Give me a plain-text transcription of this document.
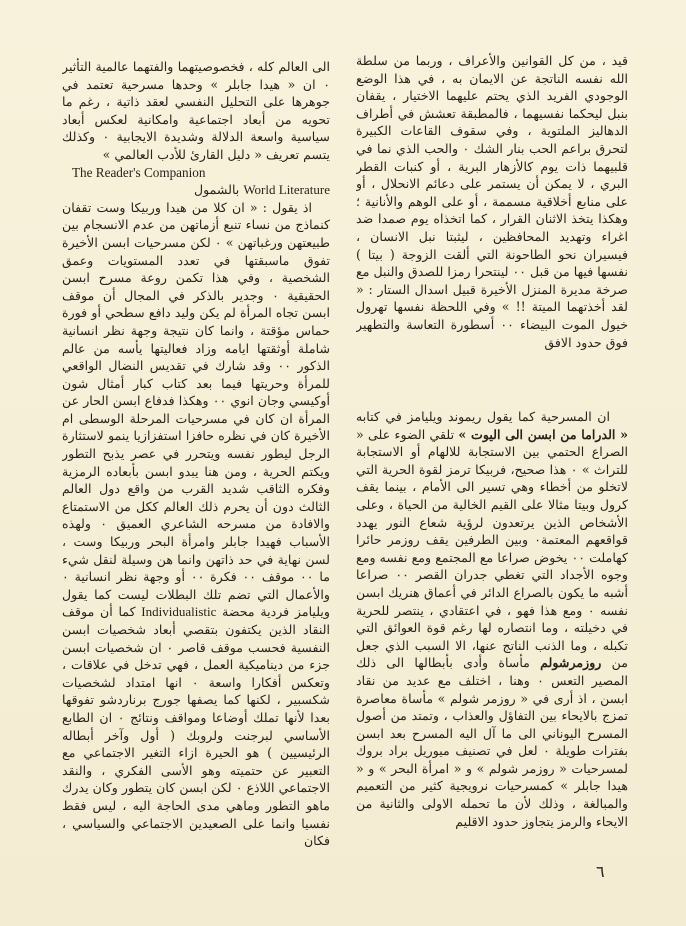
قيد ، من كل القوانين والأعراف ، وربما من سلطة الله نفسه الناتجة عن الايمان به ، في هذا الوضع الوجودي الفريد الذي يحتم عليهما الاختيار ، يقفان بنبل ليحكما نفسيهما ، فالمطبقة تعشش في أطراف الدهاليز الملتوية ، وفي سقوف القاعات الكبيرة لتحرق براعم الحب بنار الشك ٠ والحب الذي نما في قلبيهما ذات يوم كالأزهار البرية ، أو كنبات القطر البري ، لا يمكن أن يستمر على دعائم الانحلال ، أو على منابع أخلاقية مسممة ، أو على الوهم والأنانية ؛ وهكذا يتخذ الاثنان القرار ، كما اتخذاه يوم صمدا ضد اغراء وتهديد المحافظين ، ليثبتا نبل الانسان ، فيسيران نحو الطاحونة التي ألقت الزوجة ( بيتا ) نفسها فيها من قبل ٠٠ لينتحرا رمزا للصدق والنبل مع صرخة مديرة المنزل الأخيرة قبيل اسدال الستار : « لقد أخذتهما الميتة !! » وفي اللحظة نفسها تهرول خيول الموت البيضاء ٠٠ أسطورة التعاسة والتطهير فوق حدود الافق

ان المسرحية كما يقول ريموند ويليامز في كتابه « الدراما من ابسن الى اليوت » تلقي الضوء على « الصراع الحتمي بين الاستجابة للالهام أو الاستجابة للتراث » ٠ هذا صحيح، فربيكا ترمز لقوة الحرية التي لاتخلو من أخطاء وهي تسير الى الأمام ، بينما يقف كرول وبيتا مثالا على القيم الخالية من الحياة ، وعلى الأشخاص الذين يرتعدون لرؤية شعاع النور يهدد قواقعهم المعتمة٠ وبين الطرفين يقف روزمر حائرا كهاملت ٠٠ يخوض صراعا مع المجتمع ومع نفسه ومع وجوه الأجداد التي تغطي جدران القصر ٠٠ صراعا أشبه ما يكون بالصراع الدائر في أعماق هنريك ابسن نفسه ٠ ومع هذا فهو ، في اعتقادي ، ينتصر للحرية في دخيلته ، وما انتصاره لها رغم قوة العوائق التي تكبله ، وما الذنب الناتج عنها، الا السبب الذي جعل من روزمرشولم مأساة وأدى بأبطالها الى ذلك المصير التعس ٠ وهنا ، اختلف مع عديد من نقاد ابسن ، اذ أرى في « روزمر شولم » مأساة معاصرة تمزج بالايحاء بين التفاؤل والعذاب ، وتمتد من أصول المسرح اليوناني الى ما آل اليه المسرح بعد ابسن بفترات طويلة ٠ لعل في تصنيف ميوريل براد بروك لمسرحيات « روزمر شولم » و « امرأة البحر » و « هيدا جابلر » كمسرحيات نرويجية كثير من التعميم والمبالغة ، وذلك لأن ما تحمله الاولى والثانية من الايحاء والرمز يتجاوز حدود الاقليم

الى العالم كله ، فخصوصيتهما والفتهما عالمية التأثير ٠ ان « هيدا جابلر » وحدها مسرحية تعتمد في جوهرها على التحليل النفسي لعقد ذاتية ، رغم ما تحويه من أبعاد اجتماعية وامكانية لعكس أبعاد سياسية واسعة الدلالة وشديدة الايجابية ٠ وكذلك يتسم تعريف « دليل القارئ للأدب العالمي »

The Reader's Companion

World Literature بالشمول

اذ يقول : « ان كلا من هيدا وربيكا وست تقفان كنماذج من نساء تنبع أزماتهن من عدم الانسجام بين طبيعتهن ورغباتهن » ٠ لكن مسرحيات ابسن الأخيرة تفوق ماسبقتها في تعدد المستويات وعمق الشخصية ، وفي هذا تكمن روعة مسرح ابسن الحقيقية ٠ وجدير بالذكر في المجال أن موقف ابسن تجاه المرأة لم يكن وليد دافع سطحي أو فورة حماس مؤقتة ، وانما كان نتيجة وجهة نظر انسانية شاملة أوثقتها ايامه وزاد فعاليتها يأسه من عالم الذكور ٠٠ وقد شارك في تقديس النضال الواقعي للمرأة وحريتها فيما بعد كتاب كبار أمثال شون أوكيسي وجان انوي ٠٠ وهكذا فدفاع ابسن الحار عن المرأة ان كان في مسرحيات المرحلة الوسطى ام الأخيرة كان في نظره حافزا استفزازيا ينمو لاستثارة الرجل ليطور نفسه ويتحرر في عصر يذبح التطور ويكتم الحرية ، ومن هنا يبدو ابسن بأبعاده الرمزية وفكره الثاقب شديد القرب من واقع دول العالم الثالث دون أن يحرم ذلك العالم ككل من الاستمتاع والافادة من مسرحه الشاعري العميق ٠ ولهذه الأسباب فهيدا جابلر وامرأة البحر وربيكا وست ، لسن نهاية في حد ذاتهن وانما هن وسيلة لنقل شيء ما ٠٠ موقف ٠٠ فكرة ٠٠ أو وجهة نظر انسانية ٠ والأعمال التي تضم تلك البطلات ليست كما يقول ويليامز فردية محضة Individualistic كما أن موقف النقاد الذين يكتفون بتقصي أبعاد شخصيات ابسن النفسية فحسب موقف قاصر ٠ ان شخصيات ابسن جزء من ديناميكية العمل ، فهي تدخل في علاقات ، وتعكس أفكارا واسعة ٠ انها امتداد لشخصيات شكسبير ، لكنها كما يصفها جورج برناردشو تفوقها بعدا لأنها تملك أوضاعا ومواقف ونتائج ٠ ان الطابع الأساسي لبرجنت ولروبك ( أول وآخر أبطاله الرئيسيين ) هو الحيرة ازاء التغير الاجتماعي مع التعبير عن حتميته وهو الأسى الفكري ، والنقد الاجتماعي اللاذع ٠ لكن ابسن كان يتطور وكان يدرك ماهو التطور وماهي مدى الحاجة اليه ، ليس فقط نفسيا وانما على الصعيدين الاجتماعي والسياسي ، فكان

٦
